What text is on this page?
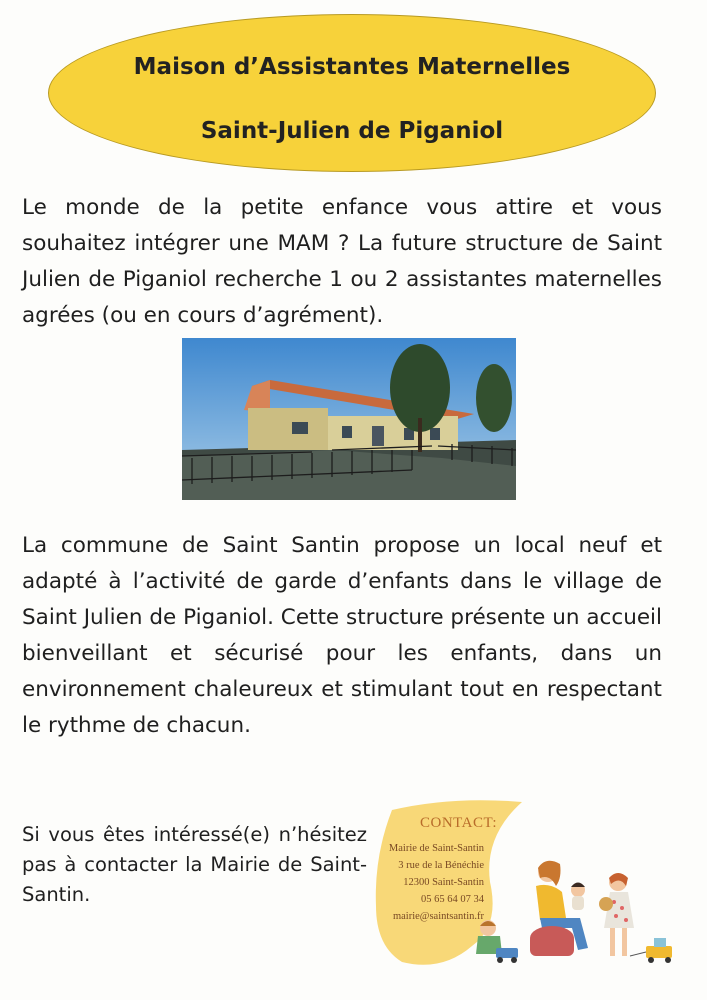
Maison d’Assistantes Maternelles
Saint-Julien de Piganiol

Le monde de la petite enfance vous attire et vous souhaitez intégrer une MAM ? La future structure de Saint Julien de Piganiol recherche 1 ou 2 assistantes maternelles agrées (ou en cours d’agrément).

La commune de Saint Santin propose un local neuf et adapté à l’activité de garde d’enfants dans le village de Saint Julien de Piganiol. Cette structure présente un accueil bienveillant et sécurisé pour les enfants, dans un environnement chaleureux et stimulant tout en respectant le rythme de chacun.

Si vous êtes intéressé(e) n’hésitez pas à contacter la Mairie de Saint-Santin.

CONTACT:
Mairie de Saint-Santin
3 rue de la Bénéchie
12300 Saint-Santin
05 65 64 07 34
mairie@saintsantin.fr
